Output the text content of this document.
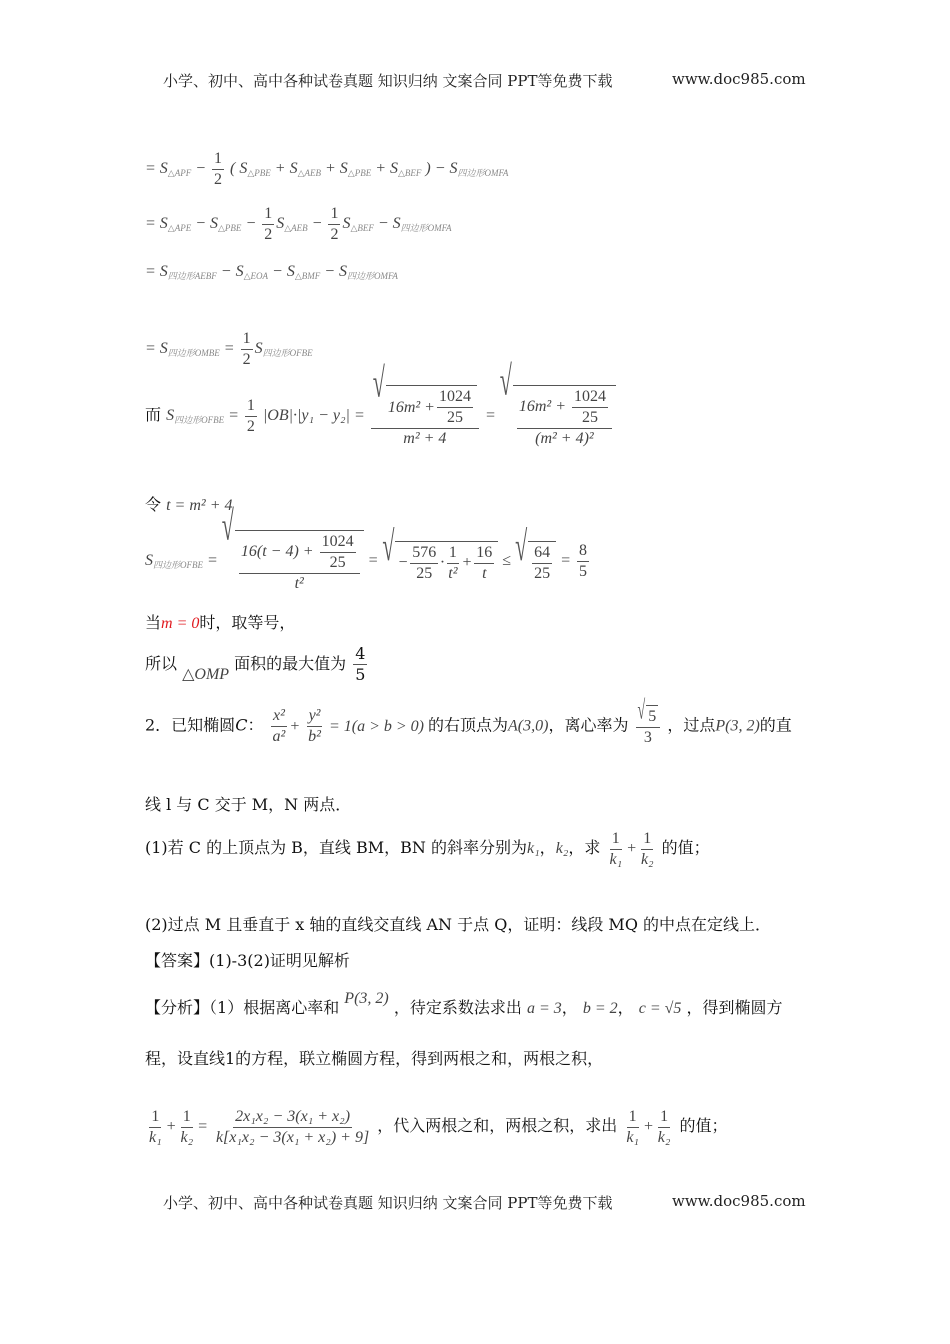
小学、初中、高中各种试卷真题 知识归纳 文案合同 PPT等免费下载	www.doc985.com
= $S_{\triangle APF} - \frac{1}{2}$ ( $S_{\triangle PBE} + S_{\triangle AEB} + S_{\triangle PBE} + S_{\triangle BEF}$ ) − $S_{四边形OMFA}$
= $S_{\triangle APE} - S_{\triangle PBE} - \frac{1}{2} S_{\triangle AEB} - \frac{1}{2} S_{\triangle BEF} - S_{四边形OMFA}$
= $S_{四边形AEBF} - S_{\triangle EOA} - S_{\triangle BMF} - S_{四边形OMFA}$
= $S_{四边形OMBE} = \frac{1}{2} S_{四边形OFBE}$
而 $S_{四边形OFBE} = \frac{1}{2} |OB|\cdot|y_1 - y_2|$ = √
$16m^2 + \frac{1024}{25}$
m² + 4 =
√
$\frac{16m^2 + \frac{1024}{25}}{\text{(m² + 4)²}}$
令 t = m² + 4
$S_{四边形OFBE}$ =
√
$\frac{16(t - 4) + \frac{1024}{25}}{\text{t²}}$ = √ − $\frac{576}{25} \cdot \frac{1}{\text{t²}} + \frac{16}{t}$ ≤ √ $\frac{64}{25} = \frac{8}{5}$
当m = 0时，取等号，
所以 △OMP 面积的最大值为 $\frac{4}{5}$
2．已知椭圆C： $\frac{\text{x²}}{\text{a²}} + \frac{\text{y²}}{\text{b²}} = 1(a > b > 0)$ 的右顶点为A(3,0)，离心率为 $\frac{√ 5}{3}$ ，过点P(3, 2)的直
线 l 与 C 交于 M，N 两点．
(1)若 C 的上顶点为 B，直线 BM，BN 的斜率分别为k₁，k₂，求 $\frac{1}{\text{k₁}} + \frac{1}{\text{k₂}}$ 的值；
(2)过点 M 且垂直于 x 轴的直线交直线 AN 于点 Q，证明：线段 MQ 的中点在定线上．
【答案】(1)-3(2)证明见解析
【分析】（1）根据离心率和 P(3, 2) ，待定系数法求出 a = 3， b = 2， c = √5 ，得到椭圆方
程，设直线1的方程，联立椭圆方程，得到两根之和，两根之积，
$\frac{1}{\text{k₁}} + \frac{1}{\text{k₂}} = \frac{\text{2x₁x₂ − 3(x₁ + x₂)}}{\text{k[x₁x₂ − 3(x₁ + x₂) + 9]}}$ ，代入两根之和，两根之积，求出 $\frac{1}{\text{k₁}} + \frac{1}{\text{k₂}}$ 的值；
小学、初中、高中各种试卷真题 知识归纳 文案合同 PPT等免费下载	www.doc985.com
